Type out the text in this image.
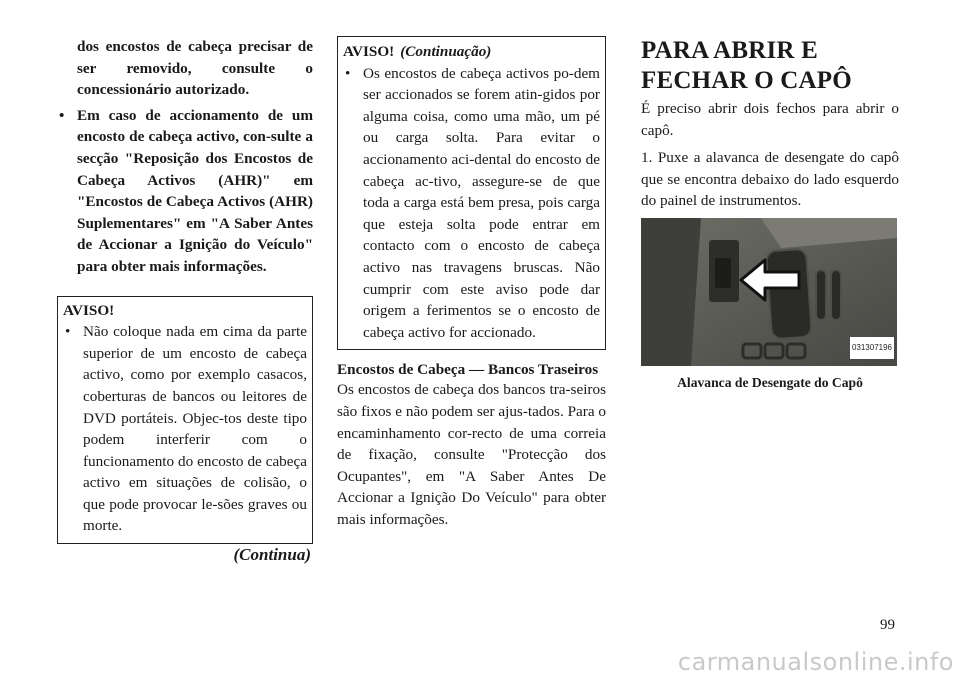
dos encostos de cabeça precisar de ser removido, consulte o concessionário autorizado.

• Em caso de accionamento de um encosto de cabeça activo, con-sulte a secção "Reposição dos Encostos de Cabeça Activos (AHR)" em "Encostos de Cabeça Activos (AHR) Suplementares" em "A Saber Antes de Accionar a Ignição do Veículo" para obter mais informações.

AVISO!

• Não coloque nada em cima da parte superior de um encosto de cabeça activo, como por exemplo casacos, coberturas de bancos ou leitores de DVD portáteis. Objec-tos deste tipo podem interferir com o funcionamento do encosto de cabeça activo em situações de colisão, o que pode provocar le-sões graves ou morte.
(Continua)

AVISO! (Continuação)

• Os encostos de cabeça activos po-dem ser accionados se forem atin-gidos por alguma coisa, como uma mão, um pé ou carga solta. Para evitar o accionamento aci-dental do encosto de cabeça ac-tivo, assegure-se de que toda a carga está bem presa, pois carga que esteja solta pode entrar em contacto com o encosto de cabeça activo nas travagens bruscas. Não cumprir com este aviso pode dar origem a ferimentos se o encosto de cabeça activo for accionado.

Encostos de Cabeça — Bancos Traseiros

Os encostos de cabeça dos bancos tra-seiros são fixos e não podem ser ajus-tados. Para o encaminhamento cor-recto de uma correia de fixação, consulte "Protecção dos Ocupantes", em "A Saber Antes De Accionar a Ignição Do Veículo" para obter mais informações.

PARA ABRIR E FECHAR O CAPÔ

É preciso abrir dois fechos para abrir o capô.

1. Puxe a alavanca de desengate do capô que se encontra debaixo do lado esquerdo do painel de instrumentos.

031307196
Alavanca de Desengate do Capô
99
carmanualsonline.info
